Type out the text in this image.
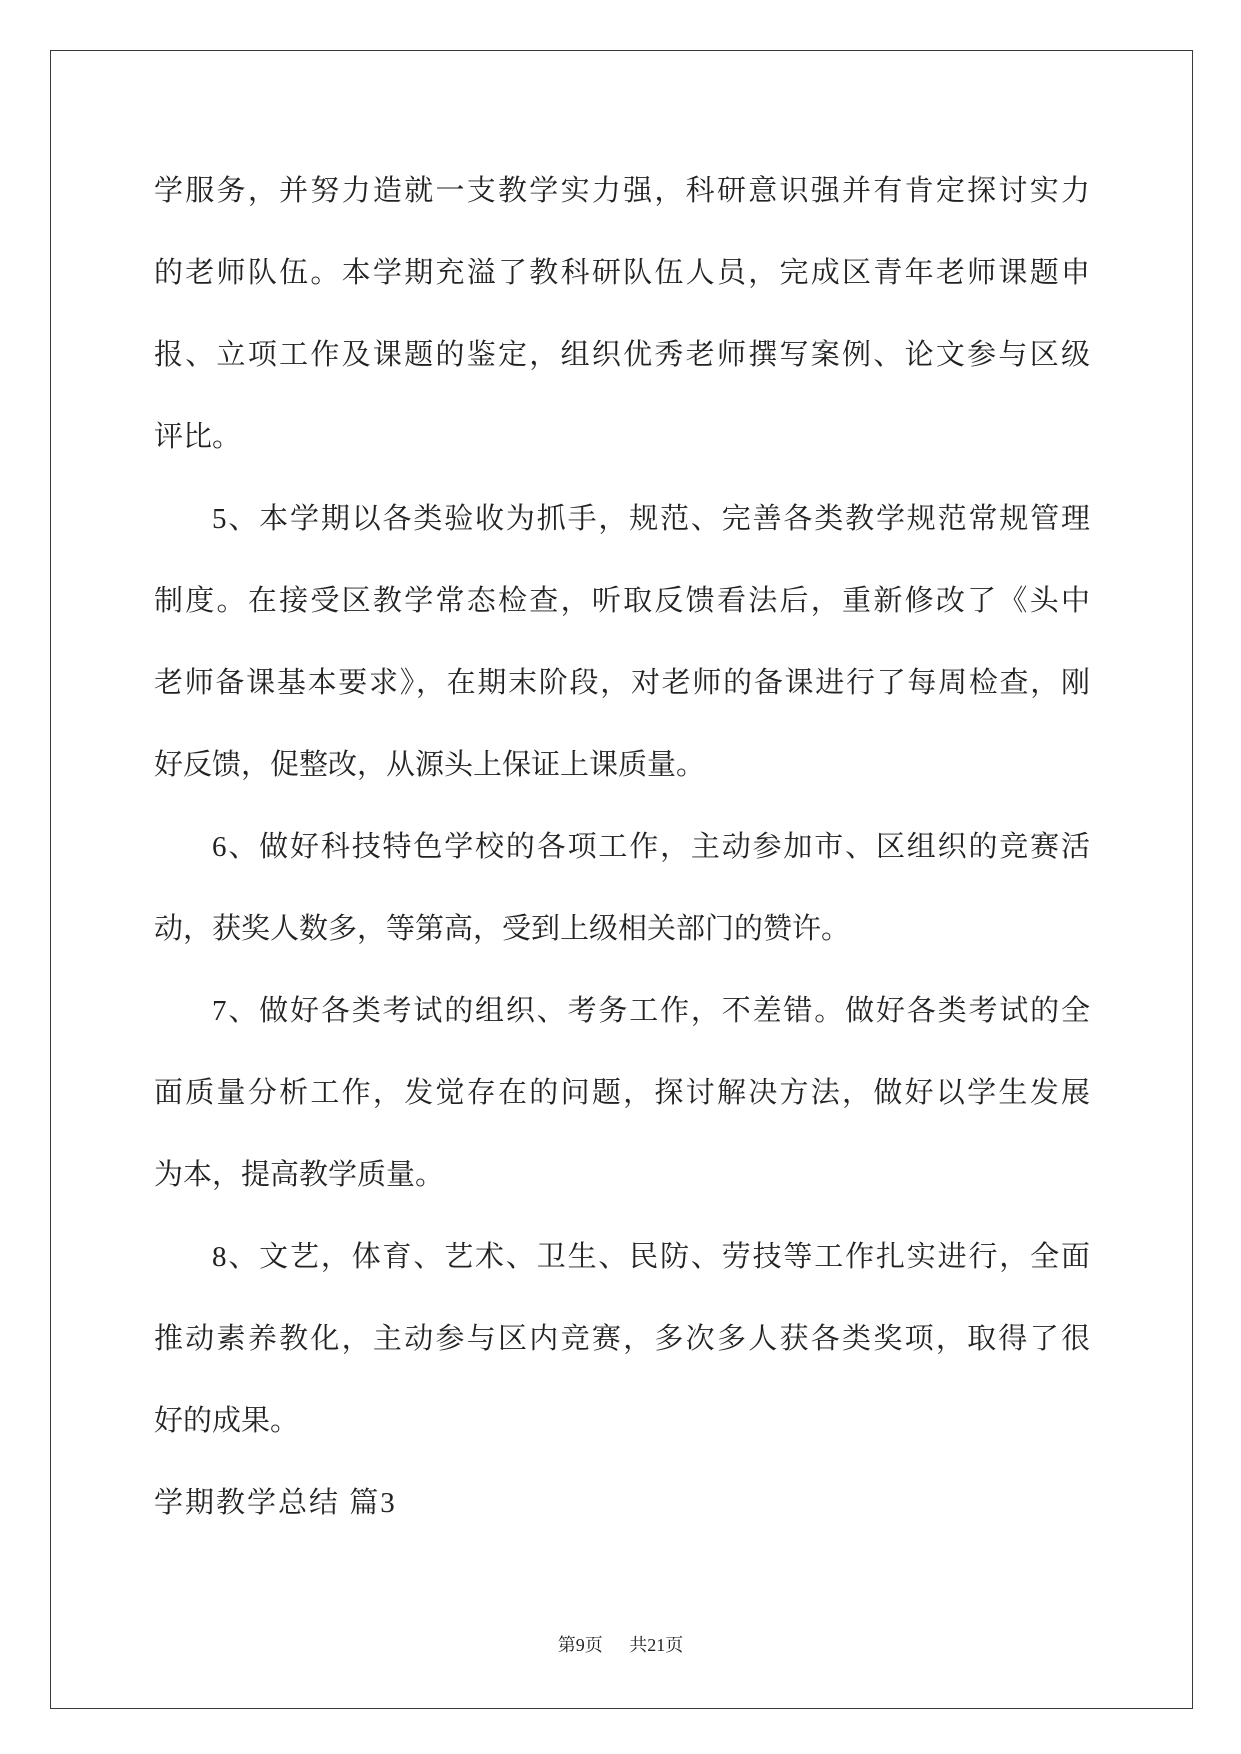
学服务，并努力造就一支教学实力强，科研意识强并有肯定探讨实力
的老师队伍。本学期充溢了教科研队伍人员，完成区青年老师课题申
报、立项工作及课题的鉴定，组织优秀老师撰写案例、论文参与区级
评比。
5、本学期以各类验收为抓手，规范、完善各类教学规范常规管理
制度。在接受区教学常态检查，听取反馈看法后，重新修改了《头中
老师备课基本要求》，在期末阶段，对老师的备课进行了每周检查，刚
好反馈，促整改，从源头上保证上课质量。
6、做好科技特色学校的各项工作，主动参加市、区组织的竞赛活
动，获奖人数多，等第高，受到上级相关部门的赞许。
7、做好各类考试的组织、考务工作，不差错。做好各类考试的全
面质量分析工作，发觉存在的问题，探讨解决方法，做好以学生发展
为本，提高教学质量。
8、文艺，体育、艺术、卫生、民防、劳技等工作扎实进行，全面
推动素养教化，主动参与区内竞赛，多次多人获各类奖项，取得了很
好的成果。
学期教学总结 篇3
第9页 共21页
